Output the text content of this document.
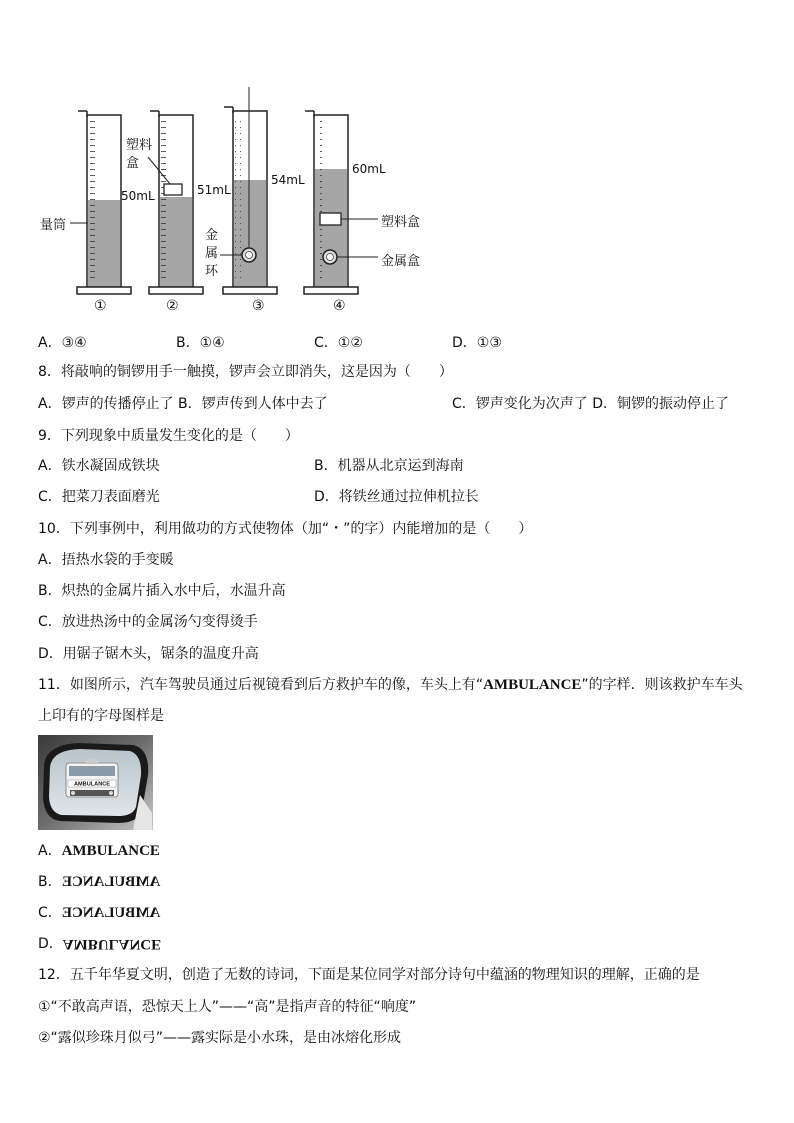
量筒
塑料
盒
50mL	51mL
54mL
60mL
金
属
环
塑料盒
金属盒
①	②	③	④
A．③④	B．①④	C．①②	D．①③
8．将敲响的铜锣用手一触摸，锣声会立即消失，这是因为（　　）
A．锣声的传播停止了 B．锣声传到人体中去了	C．锣声变化为次声了 D．铜锣的振动停止了
9．下列现象中质量发生变化的是（　　）
A．铁水凝固成铁块	B．机器从北京运到海南
C．把菜刀表面磨光	D．将铁丝通过拉伸机拉长
10．下列事例中，利用做功的方式使物体（加“・”的字）内能增加的是（　　）
A．捂热水袋的手变暖
B．炽热的金属片插入水中后，水温升高
C．放进热汤中的金属汤勺变得烫手
D．用锯子锯木头，锯条的温度升高
11．如图所示，汽车驾驶员通过后视镜看到后方救护车的像，车头上有“AMBULANCE”的字样．则该救护车车头
上印有的字母图样是
AMBULANCE
A．AMBULANCE
B．AMBULANCE
C．AMBULANCE
D．AMBULANCE
12．五千年华夏文明，创造了无数的诗词，下面是某位同学对部分诗句中蕴涵的物理知识的理解，正确的是
①“不敢高声语，恐惊天上人”——“高”是指声音的特征“响度”
②“露似珍珠月似弓”——露实际是小水珠，是由冰熔化形成
